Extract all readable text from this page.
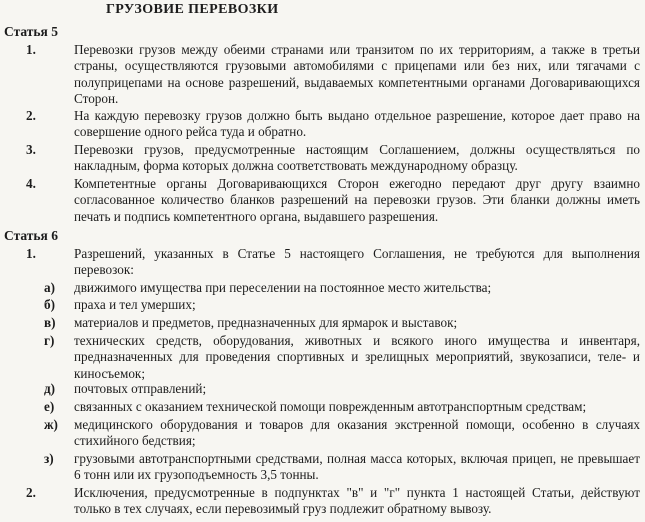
ГРУЗОВИЕ ПЕРЕВОЗКИ
Статья 5
1.	Перевозки грузов между обеими странами или транзитом по их территориям, а также в третьи страны, осуществляются грузовыми автомобилями с прицепами или без них, или тягачами с полуприцепами на основе разрешений, выдаваемых компетентными органами Договаривающихся Сторон.
2.	На каждую перевозку грузов должно быть выдано отдельное разрешение, которое дает право на совершение одного рейса туда и обратно.
3.	Перевозки грузов, предусмотренные настоящим Соглашением, должны осуществляться по накладным, форма которых должна соответствовать международному образцу.
4.	Компетентные органы Договаривающихся Сторон ежегодно передают друг другу взаимно согласованное количество бланков разрешений на перевозки грузов. Эти бланки должны иметь печать и подпись компетентного органа, выдавшего разрешения.
Статья 6
1.	Разрешений, указанных в Статье 5 настоящего Соглашения, не требуются для выполнения перевозок:
а)	движимого имущества при переселении на постоянное место жительства;
б)	праха и тел умерших;
в)	материалов и предметов, предназначенных для ярмарок и выставок;
г)	технических средств, оборудования, животных и всякого иного имущества и инвентаря, предназначенных для проведения спортивных и зрелищных мероприятий, звукозаписи, теле- и киносъемок;
д)	почтовых отправлений;
е)	связанных с оказанием технической помощи поврежденным автотранспортным средствам;
ж)	медицинского оборудования и товаров для оказания экстренной помощи, особенно в случаях стихийного бедствия;
з)	грузовыми автотранспортными средствами, полная масса которых, включая прицеп, не превышает 6 тонн или их грузоподъемность 3,5 тонны.
2.	Исключения, предусмотренные в подпунктах "в" и "г" пункта 1 настоящей Статьи, действуют только в тех случаях, если перевозимый груз подлежит обратному вывозу.
